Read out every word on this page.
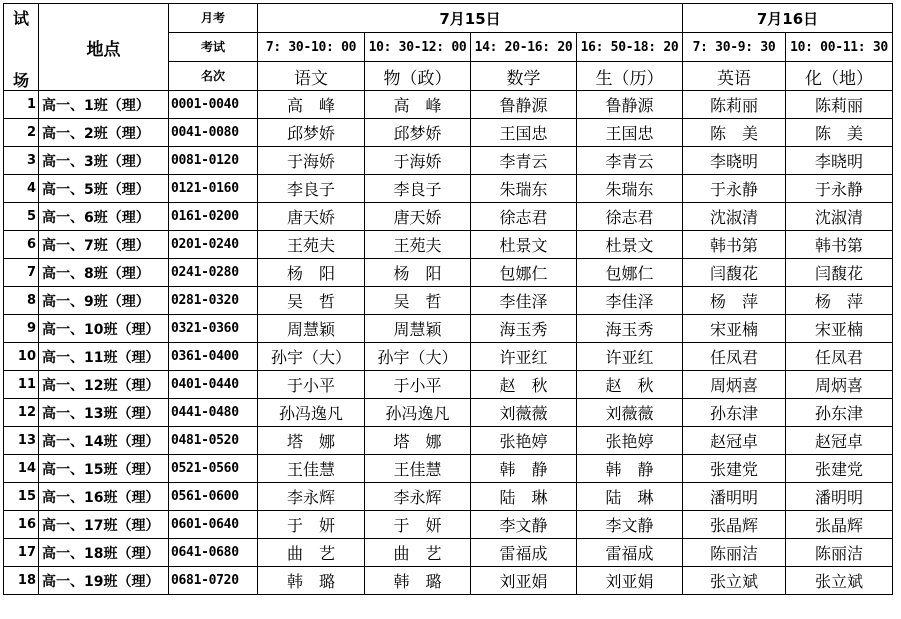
试
场	地点	月考	7月15日				7月16日	
		考试	7: 30-10: 00	10: 30-12: 00	14: 20-16: 20	16: 50-18: 20	7: 30-9: 30	10: 00-11: 30
		名次	语文	物（政）	数学	生（历）	英语	化（地）
1	高一、1班（理）	0001-0040	高　峰	高　峰	鲁静源	鲁静源	陈莉丽	陈莉丽
2	高一、2班（理）	0041-0080	邱梦娇	邱梦娇	王国忠	王国忠	陈　美	陈　美
3	高一、3班（理）	0081-0120	于海娇	于海娇	李青云	李青云	李晓明	李晓明
4	高一、5班（理）	0121-0160	李良子	李良子	朱瑞东	朱瑞东	于永静	于永静
5	高一、6班（理）	0161-0200	唐天娇	唐天娇	徐志君	徐志君	沈淑清	沈淑清
6	高一、7班（理）	0201-0240	王苑夫	王苑夫	杜景文	杜景文	韩书第	韩书第
7	高一、8班（理）	0241-0280	杨　阳	杨　阳	包娜仁	包娜仁	闫馥花	闫馥花
8	高一、9班（理）	0281-0320	吴　哲	吴　哲	李佳泽	李佳泽	杨　萍	杨　萍
9	高一、10班（理）	0321-0360	周慧颖	周慧颖	海玉秀	海玉秀	宋亚楠	宋亚楠
10	高一、11班（理）	0361-0400	孙宇（大）	孙宇（大）	许亚红	许亚红	任凤君	任凤君
11	高一、12班（理）	0401-0440	于小平	于小平	赵　秋	赵　秋	周炳喜	周炳喜
12	高一、13班（理）	0441-0480	孙冯逸凡	孙冯逸凡	刘薇薇	刘薇薇	孙东津	孙东津
13	高一、14班（理）	0481-0520	塔　娜	塔　娜	张艳婷	张艳婷	赵冠卓	赵冠卓
14	高一、15班（理）	0521-0560	王佳慧	王佳慧	韩　静	韩　静	张建党	张建党
15	高一、16班（理）	0561-0600	李永辉	李永辉	陆　琳	陆　琳	潘明明	潘明明
16	高一、17班（理）	0601-0640	于　妍	于　妍	李文静	李文静	张晶辉	张晶辉
17	高一、18班（理）	0641-0680	曲　艺	曲　艺	雷福成	雷福成	陈丽洁	陈丽洁
18	高一、19班（理）	0681-0720	韩　璐	韩　璐	刘亚娟	刘亚娟	张立斌	张立斌
